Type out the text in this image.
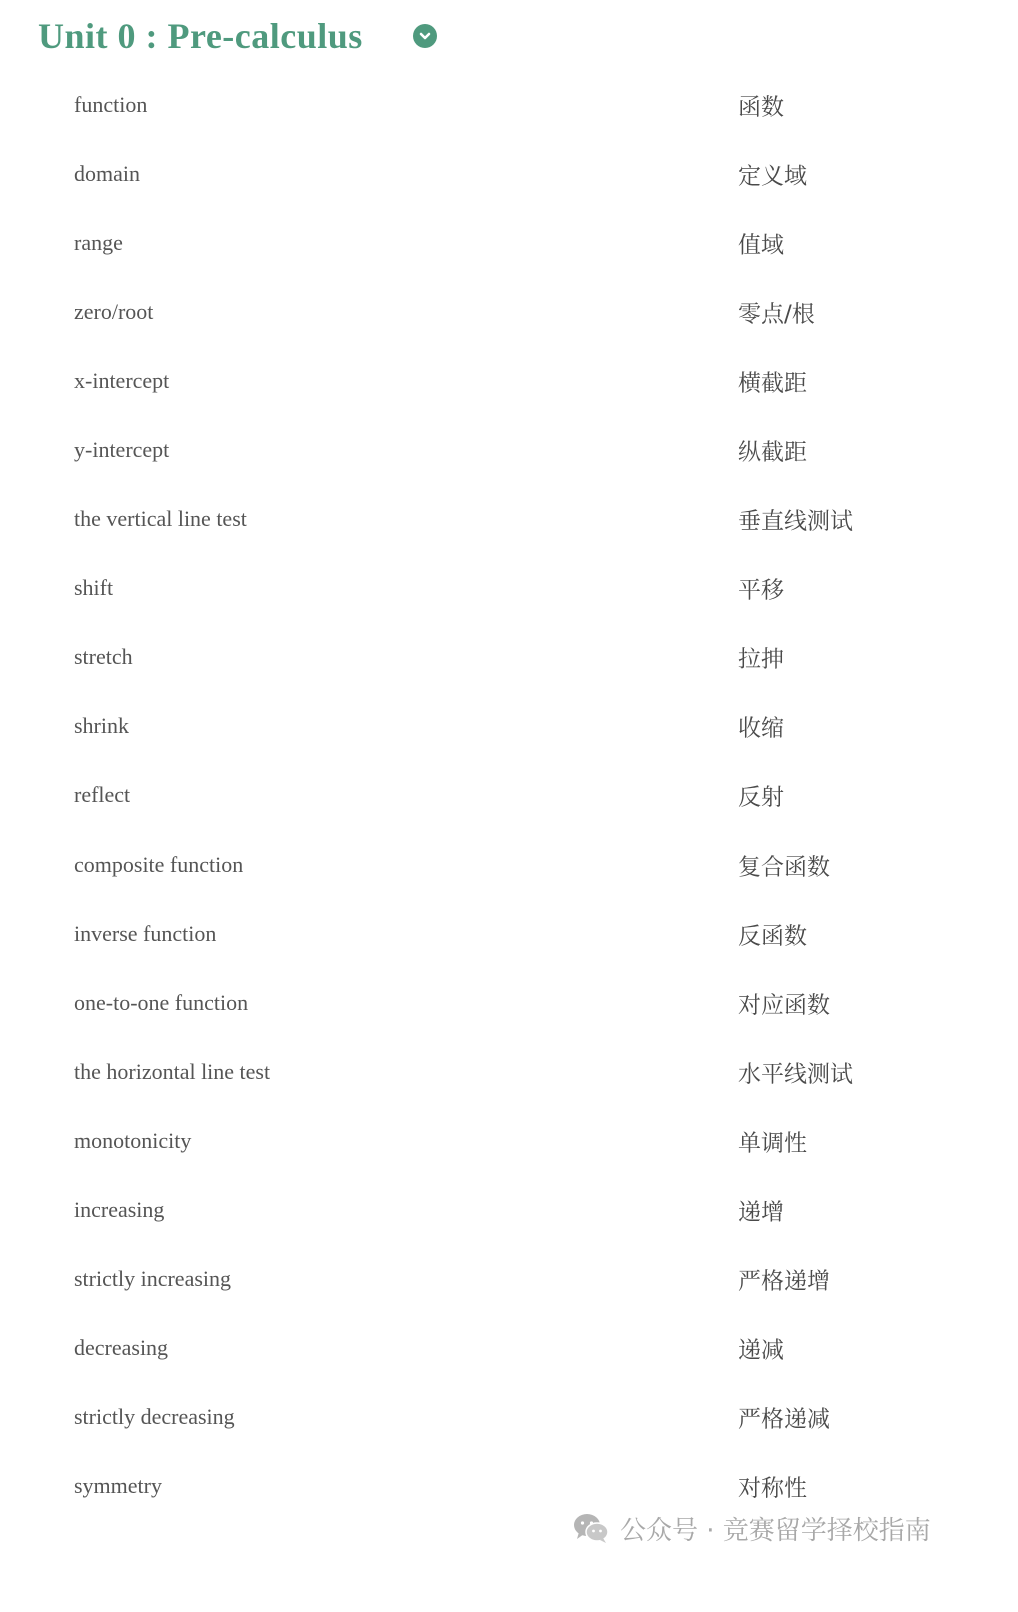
Unit 0 : Pre-calculus
function	函数
domain	定义域
range	值域
zero/root	零点/根
x-intercept	横截距
y-intercept	纵截距
the vertical line test	垂直线测试
shift	平移
stretch	拉抻
shrink	收缩
reflect	反射
composite function	复合函数
inverse function	反函数
one-to-one function	对应函数
the horizontal line test	水平线测试
monotonicity	单调性
increasing	递增
strictly increasing	严格递增
decreasing	递减
strictly decreasing	严格递减
symmetry	对称性
公众号 · 竞赛留学择校指南
